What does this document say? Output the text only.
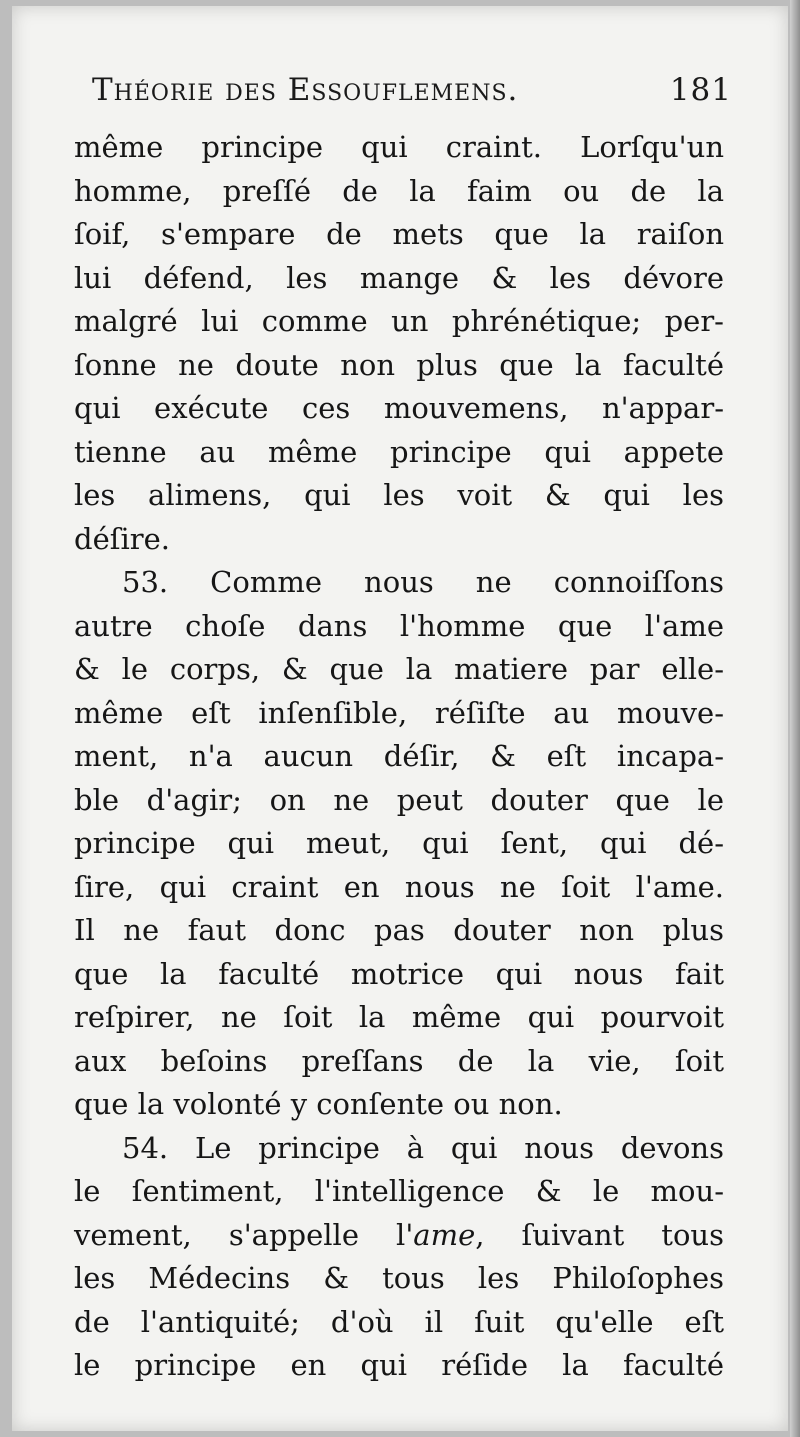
Théorie des Essouflemens.	181
même principe qui craint. Lorſqu'un
homme, preſſé de la faim ou de la
ſoif, s'empare de mets que la raiſon
lui défend, les mange & les dévore
malgré lui comme un phrénétique; per-
ſonne ne doute non plus que la faculté
qui exécute ces mouvemens, n'appar-
tienne au même principe qui appete
les alimens, qui les voit & qui les
déſire.
53. Comme nous ne connoiſſons
autre choſe dans l'homme que l'ame
& le corps, & que la matiere par elle-
même eſt inſenſible, réſiſte au mouve-
ment, n'a aucun déſir, & eſt incapa-
ble d'agir; on ne peut douter que le
principe qui meut, qui ſent, qui dé-
ſire, qui craint en nous ne ſoit l'ame.
Il ne faut donc pas douter non plus
que la faculté motrice qui nous fait
reſpirer, ne ſoit la même qui pourvoit
aux beſoins preſſans de la vie, ſoit
que la volonté y conſente ou non.
54. Le principe à qui nous devons
le ſentiment, l'intelligence & le mou-
vement, s'appelle l'ame, ſuivant tous
les Médecins & tous les Philoſophes
de l'antiquité; d'où il ſuit qu'elle eſt
le principe en qui réſide la faculté
